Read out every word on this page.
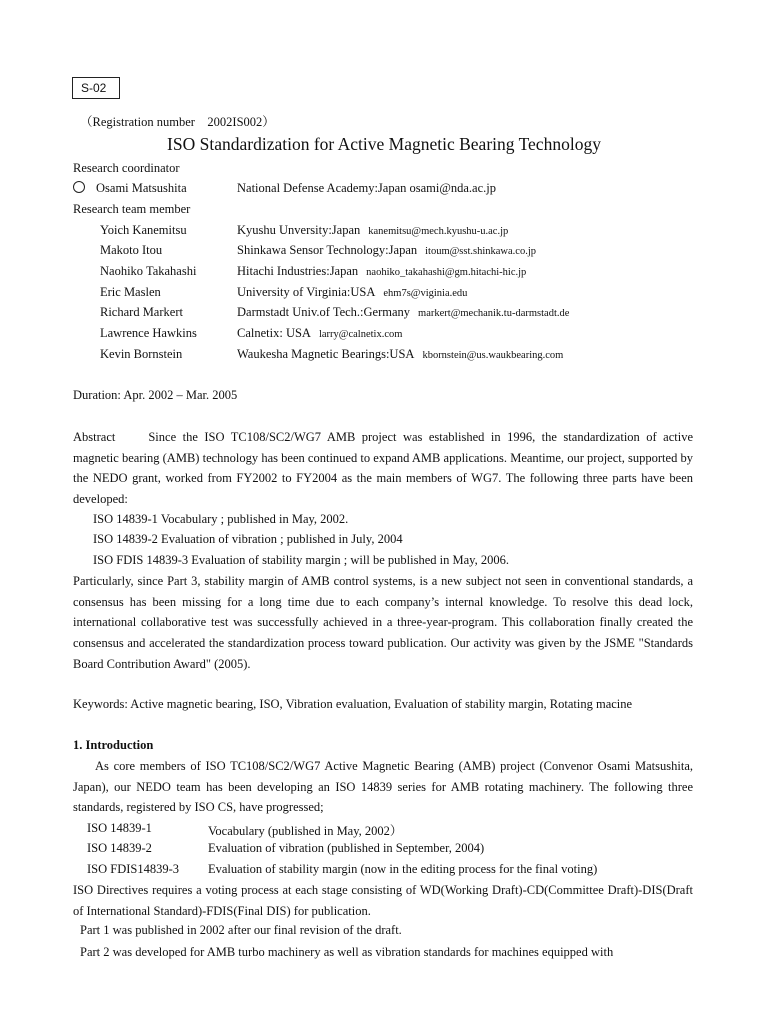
S-02
（Registration number　2002IS002）
ISO Standardization for Active Magnetic Bearing Technology
Research coordinator
Osami Matsushita	National Defense Academy:Japan osami@nda.ac.jp
Research team member
Yoich Kanemitsu	Kyushu Unversity:Japan kanemitsu@mech.kyushu-u.ac.jp
Makoto Itou	Shinkawa Sensor Technology:Japan itoum@sst.shinkawa.co.jp
Naohiko Takahashi	Hitachi Industries:Japan naohiko_takahashi@gm.hitachi-hic.jp
Eric Maslen	University of Virginia:USA ehm7s@viginia.edu
Richard Markert	Darmstadt Univ.of Tech.:Germany markert@mechanik.tu-darmstadt.de
Lawrence Hawkins	Calnetix: USA larry@calnetix.com
Kevin Bornstein	Waukesha Magnetic Bearings:USA kbornstein@us.waukbearing.com
Duration: Apr. 2002 – Mar. 2005
Abstract	Since the ISO TC108/SC2/WG7 AMB project was established in 1996, the standardization of active magnetic bearing (AMB) technology has been continued to expand AMB applications. Meantime, our project, supported by the NEDO grant, worked from FY2002 to FY2004 as the main members of WG7. The following three parts have been developed:
ISO 14839-1 Vocabulary ; published in May, 2002.
ISO 14839-2 Evaluation of vibration ; published in July, 2004
ISO FDIS 14839-3 Evaluation of stability margin ; will be published in May, 2006.
Particularly, since Part 3, stability margin of AMB control systems, is a new subject not seen in conventional standards, a consensus has been missing for a long time due to each company’s internal knowledge. To resolve this dead lock, international collaborative test was successfully achieved in a three-year-program. This collaboration finally created the consensus and accelerated the standardization process toward publication. Our activity was given by the JSME "Standards Board Contribution Award" (2005).
Keywords: Active magnetic bearing, ISO, Vibration evaluation, Evaluation of stability margin, Rotating macine
1. Introduction
As core members of ISO TC108/SC2/WG7 Active Magnetic Bearing (AMB) project (Convenor Osami Matsushita, Japan), our NEDO team has been developing an ISO 14839 series for AMB rotating machinery. The following three standards, registered by ISO CS, have progressed;
ISO 14839-1	Vocabulary (published in May, 2002）
ISO 14839-2	Evaluation of vibration (published in September, 2004)
ISO FDIS14839-3 Evaluation of stability margin (now in the editing process for the final voting)
ISO Directives requires a voting process at each stage consisting of WD(Working Draft)-CD(Committee Draft)-DIS(Draft of International Standard)-FDIS(Final DIS) for publication.
Part 1 was published in 2002 after our final revision of the draft.
Part 2 was developed for AMB turbo machinery as well as vibration standards for machines equipped with
